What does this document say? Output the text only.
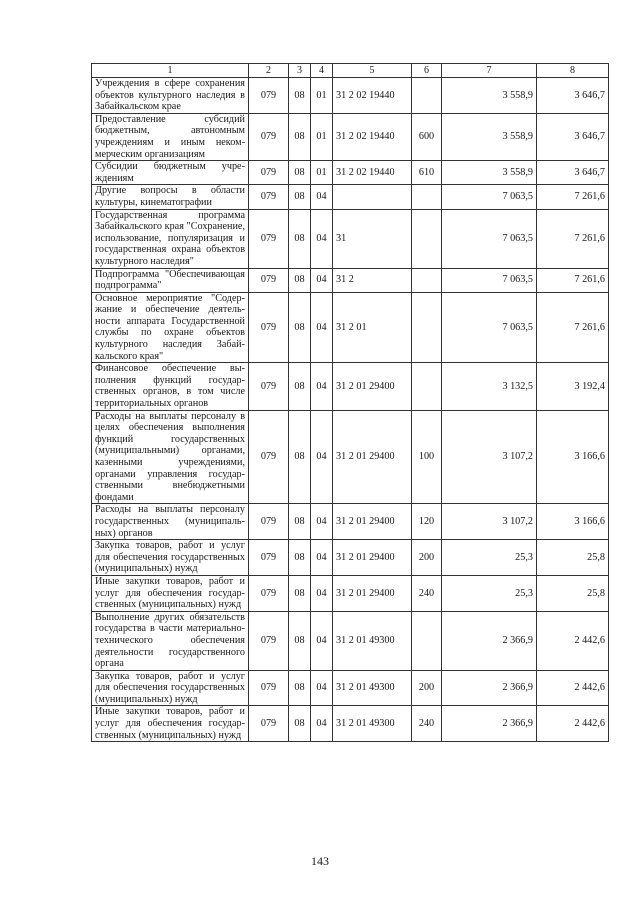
1	2	3	4	5	6	7	8
Учреждения в сфере сохранения объектов культурного наследия в Забайкальском крае	079	08	01	31 2 02 19440		3 558,9	3 646,7
Предоставление субсидий бюджетным, автономным учреждениям и иным некоммерческим организациям	079	08	01	31 2 02 19440	600	3 558,9	3 646,7
Субсидии бюджетным учреждениям	079	08	01	31 2 02 19440	610	3 558,9	3 646,7
Другие вопросы в области культуры, кинематографии	079	08	04			7 063,5	7 261,6
Государственная программа Забайкальского края "Сохранение, использование, популяризация и государственная охрана объектов культурного наследия"	079	08	04	31		7 063,5	7 261,6
Подпрограмма "Обеспечивающая подпрограмма"	079	08	04	31 2		7 063,5	7 261,6
Основное мероприятие "Содержание и обеспечение деятельности аппарата Государственной службы по охране объектов культурного наследия Забайкальского края"	079	08	04	31 2 01		7 063,5	7 261,6
Финансовое обеспечение выполнения функций государственных органов, в том числе территориальных органов	079	08	04	31 2 01 29400		3 132,5	3 192,4
Расходы на выплаты персоналу в целях обеспечения выполнения функций государственных (муниципальными) органами, казенными учреждениями, органами управления государственными внебюджетными фондами	079	08	04	31 2 01 29400	100	3 107,2	3 166,6
Расходы на выплаты персоналу государственных (муниципальных) органов	079	08	04	31 2 01 29400	120	3 107,2	3 166,6
Закупка товаров, работ и услуг для обеспечения государственных (муниципальных) нужд	079	08	04	31 2 01 29400	200	25,3	25,8
Иные закупки товаров, работ и услуг для обеспечения государственных (муниципальных) нужд	079	08	04	31 2 01 29400	240	25,3	25,8
Выполнение других обязательств государства в части материально-технического обеспечения деятельности государственного органа	079	08	04	31 2 01 49300		2 366,9	2 442,6
Закупка товаров, работ и услуг для обеспечения государственных (муниципальных) нужд	079	08	04	31 2 01 49300	200	2 366,9	2 442,6
Иные закупки товаров, работ и услуг для обеспечения государственных (муниципальных) нужд	079	08	04	31 2 01 49300	240	2 366,9	2 442,6
143
